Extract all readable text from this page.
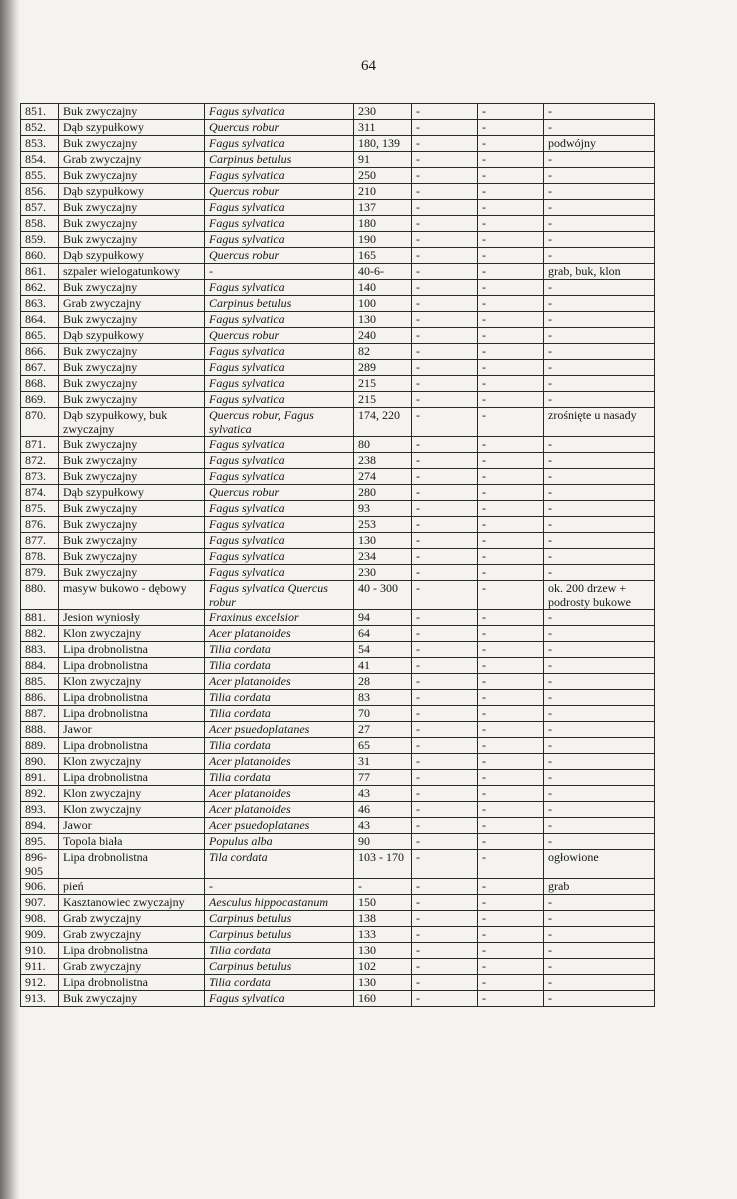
64
851.	Buk zwyczajny	Fagus sylvatica	230	-	-	-
852.	Dąb szypułkowy	Quercus robur	311	-	-	-
853.	Buk zwyczajny	Fagus sylvatica	180, 139	-	-	podwójny
854.	Grab zwyczajny	Carpinus betulus	91	-	-	-
855.	Buk zwyczajny	Fagus sylvatica	250	-	-	-
856.	Dąb szypułkowy	Quercus robur	210	-	-	-
857.	Buk zwyczajny	Fagus sylvatica	137	-	-	-
858.	Buk zwyczajny	Fagus sylvatica	180	-	-	-
859.	Buk zwyczajny	Fagus sylvatica	190	-	-	-
860.	Dąb szypułkowy	Quercus robur	165	-	-	-
861.	szpaler wielogatunkowy	-	40-6-	-	-	grab, buk, klon
862.	Buk zwyczajny	Fagus sylvatica	140	-	-	-
863.	Grab zwyczajny	Carpinus betulus	100	-	-	-
864.	Buk zwyczajny	Fagus sylvatica	130	-	-	-
865.	Dąb szypułkowy	Quercus robur	240	-	-	-
866.	Buk zwyczajny	Fagus sylvatica	82	-	-	-
867.	Buk zwyczajny	Fagus sylvatica	289	-	-	-
868.	Buk zwyczajny	Fagus sylvatica	215	-	-	-
869.	Buk zwyczajny	Fagus sylvatica	215	-	-	-
870.	Dąb szypułkowy, buk zwyczajny	Quercus robur, Fagus sylvatica	174, 220	-	-	zrośnięte u nasady
871.	Buk zwyczajny	Fagus sylvatica	80	-	-	-
872.	Buk zwyczajny	Fagus sylvatica	238	-	-	-
873.	Buk zwyczajny	Fagus sylvatica	274	-	-	-
874.	Dąb szypułkowy	Quercus robur	280	-	-	-
875.	Buk zwyczajny	Fagus sylvatica	93	-	-	-
876.	Buk zwyczajny	Fagus sylvatica	253	-	-	-
877.	Buk zwyczajny	Fagus sylvatica	130	-	-	-
878.	Buk zwyczajny	Fagus sylvatica	234	-	-	-
879.	Buk zwyczajny	Fagus sylvatica	230	-	-	-
880.	masyw bukowo - dębowy	Fagus sylvatica Quercus robur	40 - 300	-	-	ok. 200 drzew + podrosty bukowe
881.	Jesion wyniosły	Fraxinus excelsior	94	-	-	-
882.	Klon zwyczajny	Acer platanoides	64	-	-	-
883.	Lipa drobnolistna	Tilia cordata	54	-	-	-
884.	Lipa drobnolistna	Tilia cordata	41	-	-	-
885.	Klon zwyczajny	Acer platanoides	28	-	-	-
886.	Lipa drobnolistna	Tilia cordata	83	-	-	-
887.	Lipa drobnolistna	Tilia cordata	70	-	-	-
888.	Jawor	Acer psuedoplatanes	27	-	-	-
889.	Lipa drobnolistna	Tilia cordata	65	-	-	-
890.	Klon zwyczajny	Acer platanoides	31	-	-	-
891.	Lipa drobnolistna	Tilia cordata	77	-	-	-
892.	Klon zwyczajny	Acer platanoides	43	-	-	-
893.	Klon zwyczajny	Acer platanoides	46	-	-	-
894.	Jawor	Acer psuedoplatanes	43	-	-	-
895.	Topola biała	Populus alba	90	-	-	-
896-905	Lipa drobnolistna	Tila cordata	103 - 170	-	-	ogłowione
906.	pień	-	-	-	-	grab
907.	Kasztanowiec zwyczajny	Aesculus hippocastanum	150	-	-	-
908.	Grab zwyczajny	Carpinus betulus	138	-	-	-
909.	Grab zwyczajny	Carpinus betulus	133	-	-	-
910.	Lipa drobnolistna	Tilia cordata	130	-	-	-
911.	Grab zwyczajny	Carpinus betulus	102	-	-	-
912.	Lipa drobnolistna	Tilia cordata	130	-	-	-
913.	Buk zwyczajny	Fagus sylvatica	160	-	-	-
